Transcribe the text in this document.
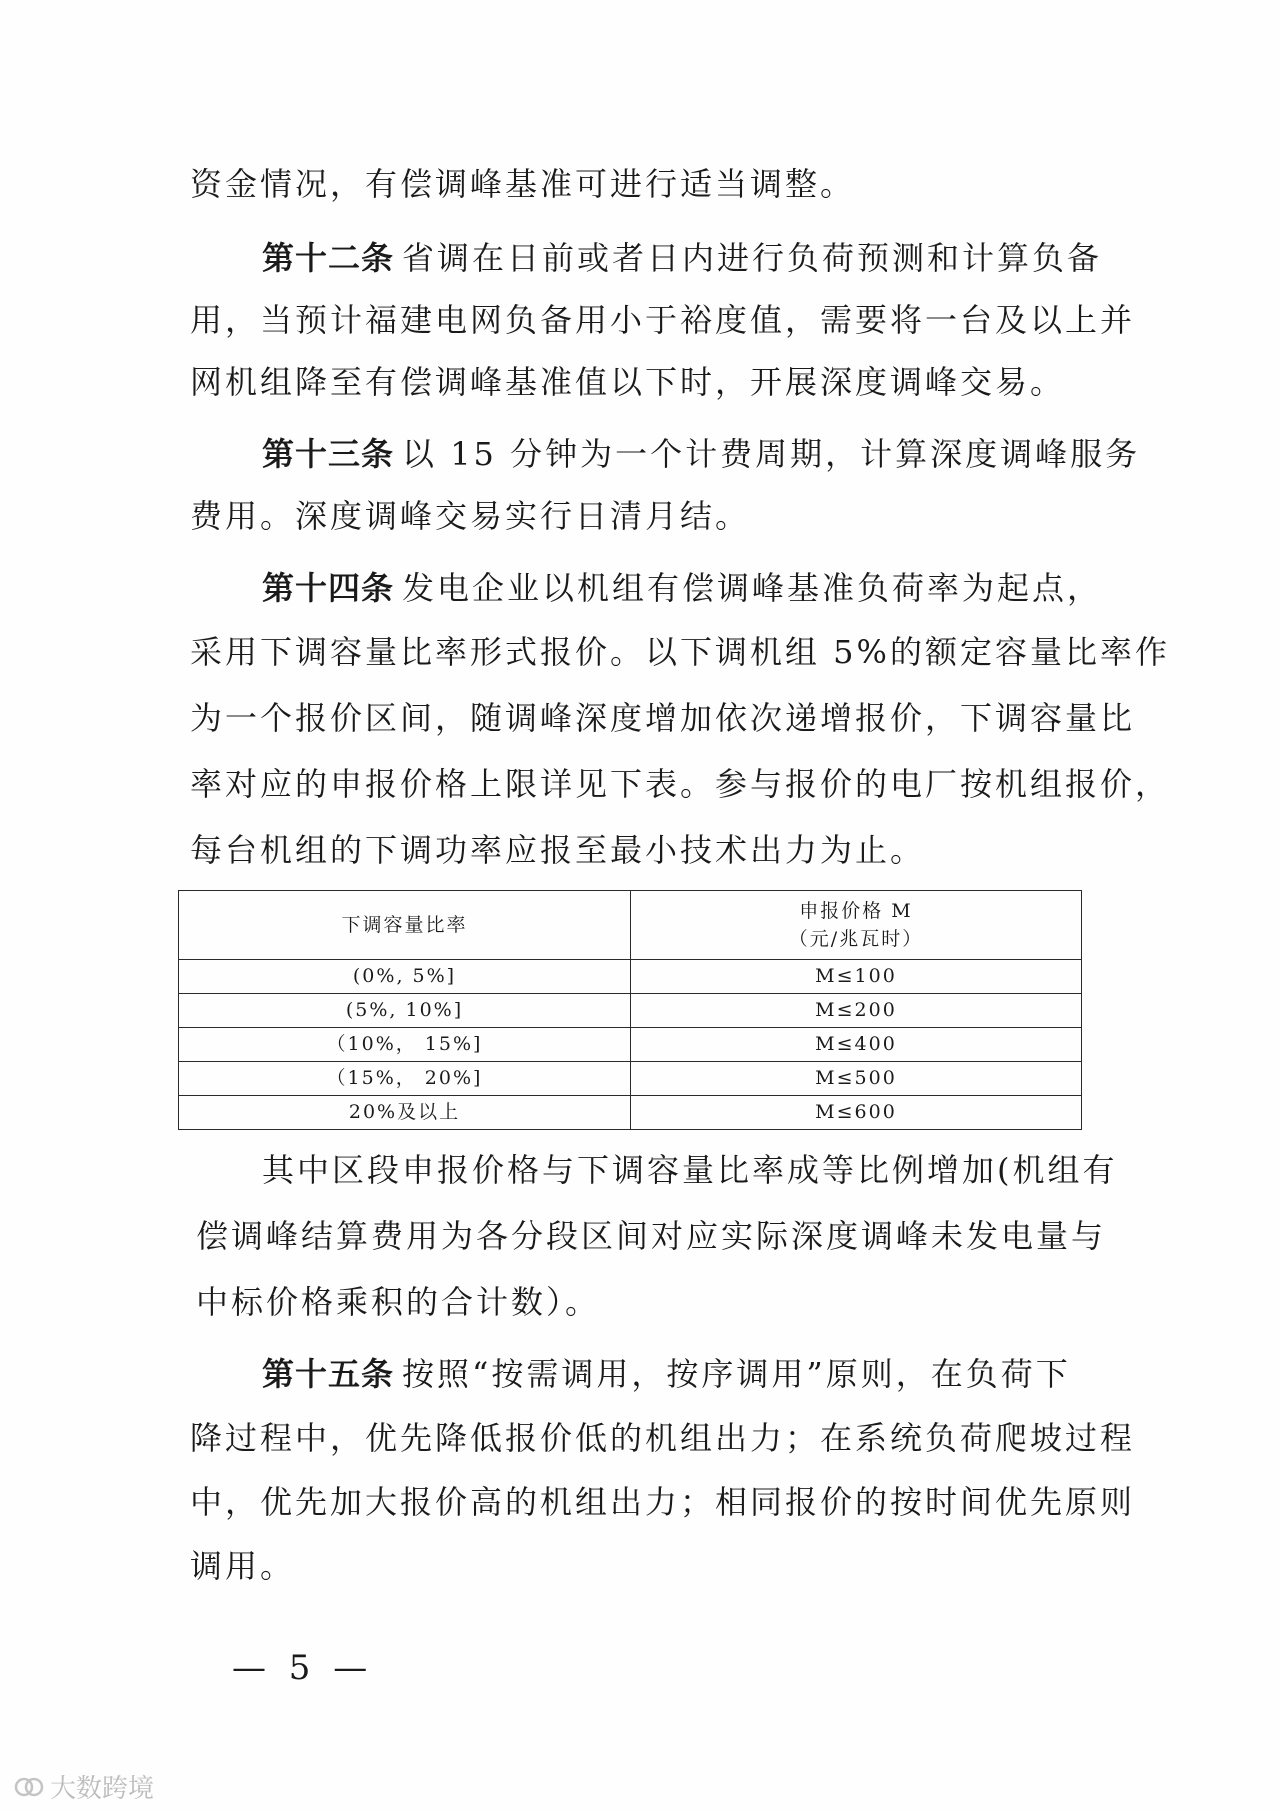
资金情况，有偿调峰基准可进行适当调整。
第十二条 省调在日前或者日内进行负荷预测和计算负备
用，当预计福建电网负备用小于裕度值，需要将一台及以上并
网机组降至有偿调峰基准值以下时，开展深度调峰交易。
第十三条 以 15 分钟为一个计费周期，计算深度调峰服务
费用。深度调峰交易实行日清月结。
第十四条 发电企业以机组有偿调峰基准负荷率为起点，
采用下调容量比率形式报价。以下调机组 5%的额定容量比率作
为一个报价区间，随调峰深度增加依次递增报价，下调容量比
率对应的申报价格上限详见下表。参与报价的电厂按机组报价，
每台机组的下调功率应报至最小技术出力为止。
下调容量比率	申报价格 M
（元/兆瓦时）
(0%, 5%]	M≤100
(5%, 10%]	M≤200
（10%， 15%]	M≤400
（15%， 20%]	M≤500
20%及以上	M≤600
其中区段申报价格与下调容量比率成等比例增加(机组有
偿调峰结算费用为各分段区间对应实际深度调峰未发电量与
中标价格乘积的合计数）。
第十五条 按照“按需调用，按序调用”原则，在负荷下
降过程中，优先降低报价低的机组出力；在系统负荷爬坡过程
中，优先加大报价高的机组出力；相同报价的按时间优先原则
调用。
— 5 —
大数跨境
